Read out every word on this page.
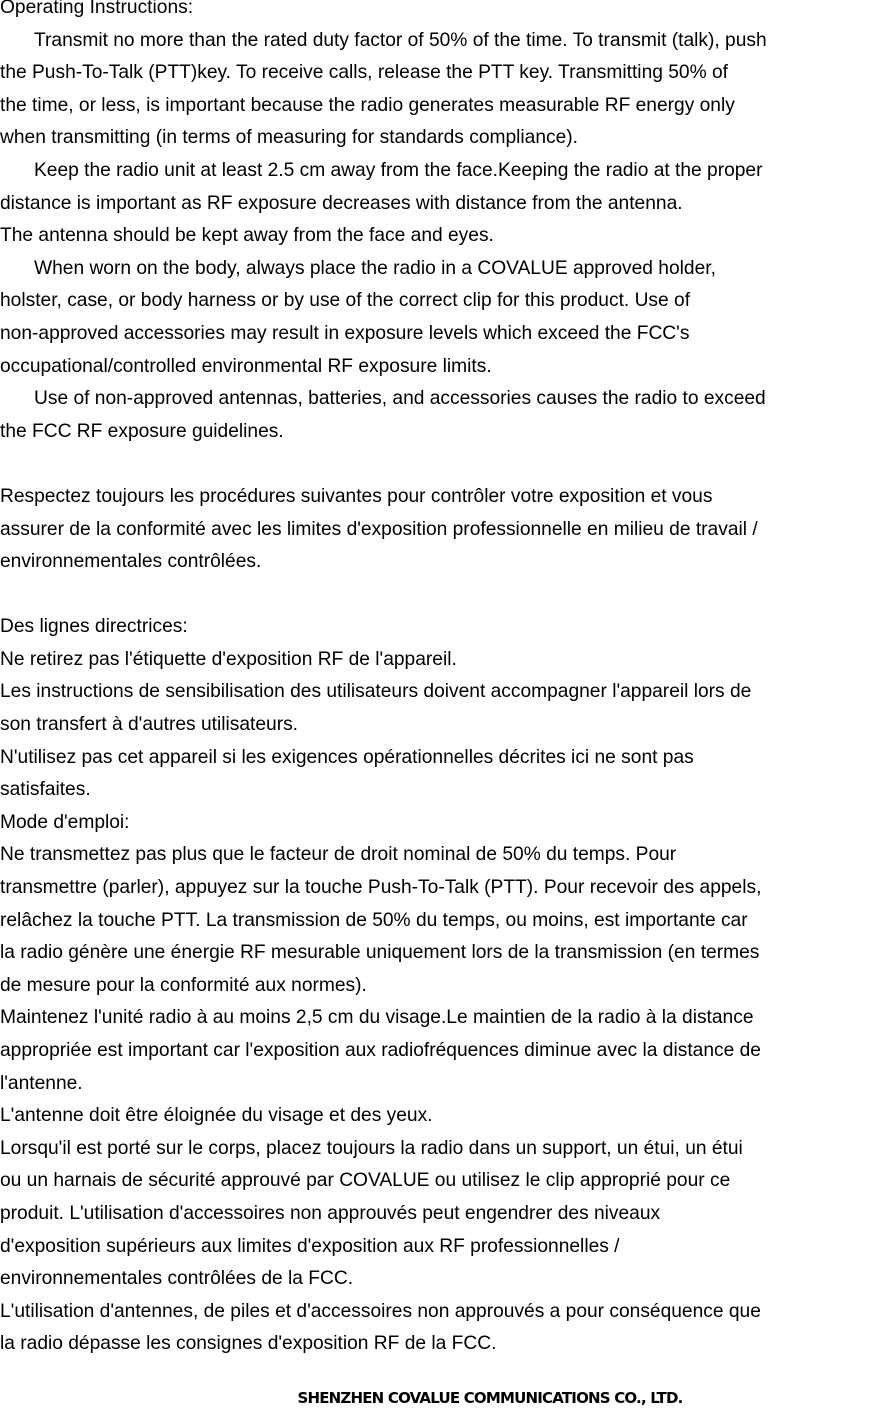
Operating Instructions:

Transmit no more than the rated duty factor of 50% of the time. To transmit (talk), push

the Push-To-Talk (PTT)key. To receive calls, release the PTT key. Transmitting 50% of

the time, or less, is important because the radio generates measurable RF energy only

when transmitting (in terms of measuring for standards compliance).

Keep the radio unit at least 2.5 cm away from the face.Keeping the radio at the proper

distance is important as RF exposure decreases with distance from the antenna.

The antenna should be kept away from the face and eyes.

When worn on the body, always place the radio in a COVALUE approved holder,

holster, case, or body harness or by use of the correct clip for this product. Use of

non-approved accessories may result in exposure levels which exceed the FCC's

occupational/controlled environmental RF exposure limits.

Use of non-approved antennas, batteries, and accessories causes the radio to exceed

the FCC RF exposure guidelines.

Respectez toujours les procédures suivantes pour contrôler votre exposition et vous

assurer de la conformité avec les limites d'exposition professionnelle en milieu de travail /

environnementales contrôlées.

Des lignes directrices:

Ne retirez pas l'étiquette d'exposition RF de l'appareil.

Les instructions de sensibilisation des utilisateurs doivent accompagner l'appareil lors de

son transfert à d'autres utilisateurs.

N'utilisez pas cet appareil si les exigences opérationnelles décrites ici ne sont pas

satisfaites.

Mode d'emploi:

Ne transmettez pas plus que le facteur de droit nominal de 50% du temps. Pour

transmettre (parler), appuyez sur la touche Push-To-Talk (PTT). Pour recevoir des appels,

relâchez la touche PTT. La transmission de 50% du temps, ou moins, est importante car

la radio génère une énergie RF mesurable uniquement lors de la transmission (en termes

de mesure pour la conformité aux normes).

Maintenez l'unité radio à au moins 2,5 cm du visage.Le maintien de la radio à la distance

appropriée est important car l'exposition aux radiofréquences diminue avec la distance de

l'antenne.

L'antenne doit être éloignée du visage et des yeux.

Lorsqu'il est porté sur le corps, placez toujours la radio dans un support, un étui, un étui

ou un harnais de sécurité approuvé par COVALUE ou utilisez le clip approprié pour ce

produit. L'utilisation d'accessoires non approuvés peut engendrer des niveaux

d'exposition supérieurs aux limites d'exposition aux RF professionnelles /

environnementales contrôlées de la FCC.

L'utilisation d'antennes, de piles et d'accessoires non approuvés a pour conséquence que

la radio dépasse les consignes d'exposition RF de la FCC.

SHENZHEN COVALUE COMMUNICATIONS CO., LTD.
